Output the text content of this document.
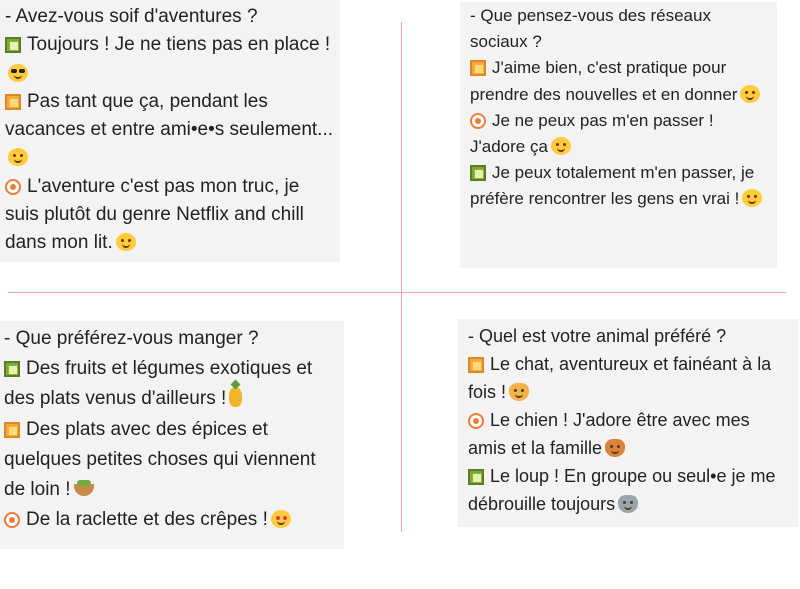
- Avez-vous soif d'aventures ?
Toujours ! Je ne tiens pas en place !
Pas tant que ça, pendant les vacances et entre ami•e•s seulement...
L'aventure c'est pas mon truc, je suis plutôt du genre Netflix and chill dans mon lit.
- Que pensez-vous des réseaux sociaux ?
J'aime bien, c'est pratique pour prendre des nouvelles et en donner
Je ne peux pas m'en passer ! J'adore ça
Je peux totalement m'en passer, je préfère rencontrer les gens en vrai !
- Que préférez-vous manger ?
Des fruits et légumes exotiques et des plats venus d'ailleurs !
Des plats avec des épices et quelques petites choses qui viennent de loin !
De la raclette et des crêpes !
- Quel est votre animal préféré ?
Le chat, aventureux et fainéant à la fois !
Le chien ! J'adore être avec mes amis et la famille
Le loup ! En groupe ou seul•e je me débrouille toujours
